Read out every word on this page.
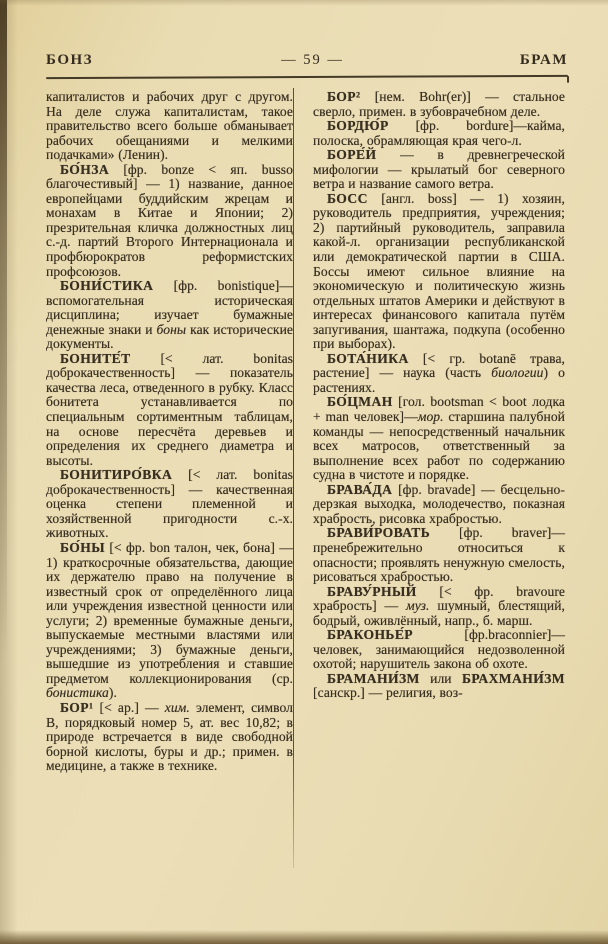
БОНЗ	— 59 —	БРАМ

капиталистов и рабочих друг с другом. На деле служа капиталистам, такое правительство всего больше обманывает рабочих обещаниями и мелкими подачками» (Ленин).

БО́НЗА [фр. bonze < яп. busso благочестивый] — 1) название, данное европейцами буддийским жрецам и монахам в Китае и Японии; 2) презрительная кличка должностных лиц с.-д. партий Второго Интернационала и профбюрократов реформистских профсоюзов.

БОНИ́СТИКА [фр. bonistique]— вспомогательная историческая дисциплина; изучает бумажные денежные знаки и боны как исторические документы.

БОНИТЕ́Т [< лат. bonitas доброкачественность] — показатель качества леса, отведенного в рубку. Класс бонитета устанавливается по специальным сортиментным таблицам, на основе пересчёта деревьев и определения их среднего диаметра и высоты.

БОНИТИРО́ВКА [< лат. bonitas доброкачественность] — качественная оценка степени племенной и хозяйственной пригодности с.-х. животных.

БО́НЫ [< фр. bon талон, чек, бона] — 1) краткосрочные обязательства, дающие их держателю право на получение в известный срок от определённого лица или учреждения известной ценности или услуги; 2) временные бумажные деньги, выпускаемые местными властями или учреждениями; 3) бумажные деньги, вышедшие из употребления и ставшие предметом коллекционирования (ср. бонистика).

БОР¹ [< ар.] — хим. элемент, символ В, порядковый номер 5, ат. вес 10,82; в природе встречается в виде свободной борной кислоты, буры и др.; примен. в медицине, а также в технике.

БОР² [нем. Bohr(er)] — стальное сверло, примен. в зубоврачебном деле.

БОРДЮ́Р [фр. bordure]—кайма, полоска, обрамляющая края чего-л.

БОРЕ́Й — в древнегреческой мифологии — крылатый бог северного ветра и название самого ветра.

БОСС [англ. boss] — 1) хозяин, руководитель предприятия, учреждения; 2) партийный руководитель, заправила какой-л. организации республиканской или демократической партии в США. Боссы имеют сильное влияние на экономическую и политическую жизнь отдельных штатов Америки и действуют в интересах финансового капитала путём запугивания, шантажа, подкупа (особенно при выборах).

БОТА́НИКА [< гр. botanē трава, растение] — наука (часть биологии) о растениях.

БО́ЦМАН [гол. bootsman < boot лодка + man человек]—мор. старшина палубной команды — непосредственный начальник всех матросов, ответственный за выполнение всех работ по содержанию судна в чистоте и порядке.

БРАВА́ДА [фр. bravade] — бесцельно-дерзкая выходка, молодечество, показная храбрость, рисовка храбростью.

БРАВИ́РОВАТЬ [фр. braver]— пренебрежительно относиться к опасности; проявлять ненужную смелость, рисоваться храбростью.

БРАВУ́РНЫЙ [< фр. bravoure храбрость] — муз. шумный, блестящий, бодрый, оживлённый, напр., б. марш.

БРАКОНЬЕ́Р [фр.braconnier]— человек, занимающийся недозволенной охотой; нарушитель закона об охоте.

БРАМАНИ́ЗМ или БРАХМАНИ́ЗМ [санскр.] — религия, воз-
